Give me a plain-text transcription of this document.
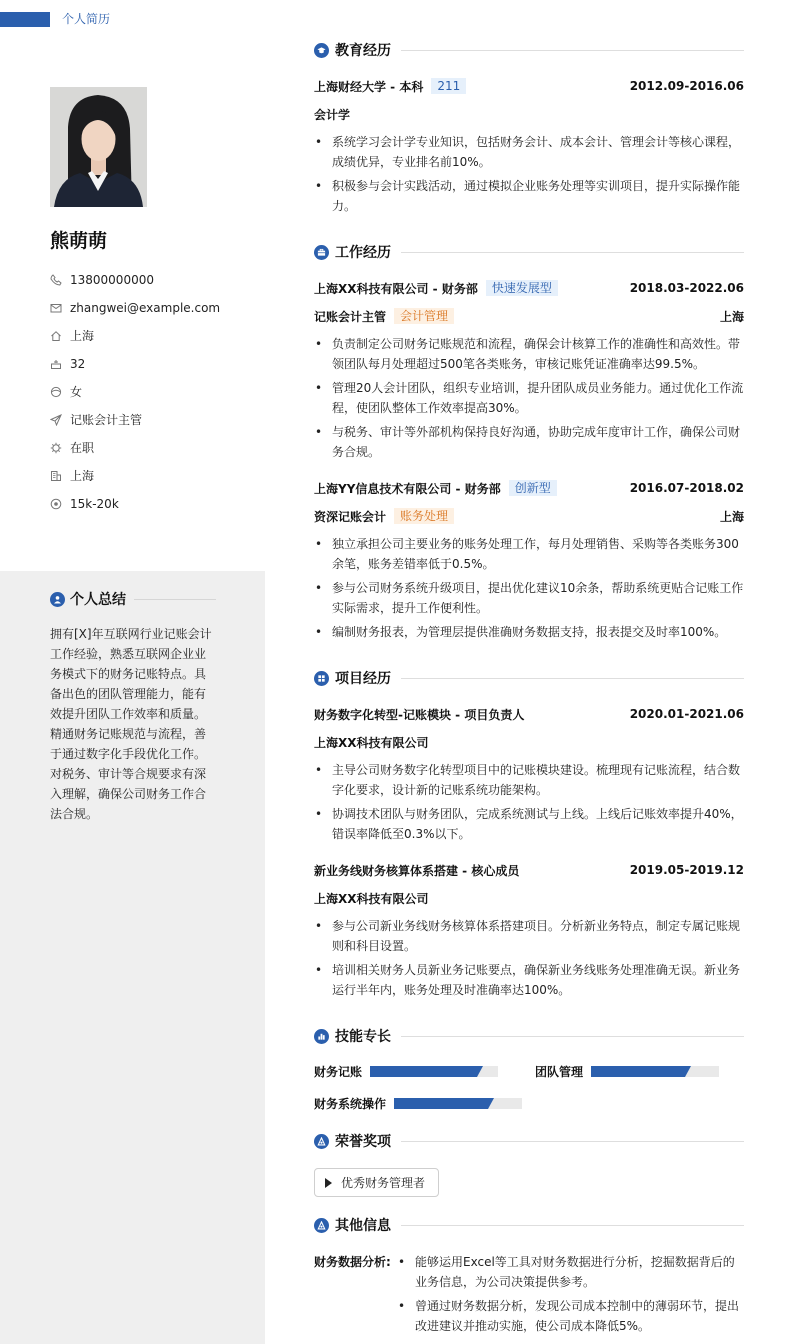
个人简历
熊萌萌
13800000000
zhangwei@example.com
上海
32
女
记账会计主管
在职
上海
15k-20k
个人总结
拥有[X]年互联网行业记账会计工作经验，熟悉互联网企业业务模式下的财务记账特点。具备出色的团队管理能力，能有效提升团队工作效率和质量。精通财务记账规范与流程，善于通过数字化手段优化工作。对税务、审计等合规要求有深入理解，确保公司财务工作合法合规。
教育经历
上海财经大学 - 本科	211	2012.09-2016.06
会计学
• 系统学习会计学专业知识，包括财务会计、成本会计、管理会计等核心课程，成绩优异，专业排名前10%。
• 积极参与会计实践活动，通过模拟企业账务处理等实训项目，提升实际操作能力。
工作经历
上海XX科技有限公司 - 财务部	快速发展型	2018.03-2022.06
记账会计主管	会计管理	上海
• 负责制定公司财务记账规范和流程，确保会计核算工作的准确性和高效性。带领团队每月处理超过500笔各类账务，审核记账凭证准确率达99.5%。
• 管理20人会计团队，组织专业培训，提升团队成员业务能力。通过优化工作流程，使团队整体工作效率提高30%。
• 与税务、审计等外部机构保持良好沟通，协助完成年度审计工作，确保公司财务合规。
上海YY信息技术有限公司 - 财务部	创新型	2016.07-2018.02
资深记账会计	账务处理	上海
• 独立承担公司主要业务的账务处理工作，每月处理销售、采购等各类账务300余笔，账务差错率低于0.5%。
• 参与公司财务系统升级项目，提出优化建议10余条，帮助系统更贴合记账工作实际需求，提升工作便利性。
• 编制财务报表，为管理层提供准确财务数据支持，报表提交及时率100%。
项目经历
财务数字化转型-记账模块 - 项目负责人	2020.01-2021.06
上海XX科技有限公司
• 主导公司财务数字化转型项目中的记账模块建设。梳理现有记账流程，结合数字化要求，设计新的记账系统功能架构。
• 协调技术团队与财务团队，完成系统测试与上线。上线后记账效率提升40%，错误率降低至0.3%以下。
新业务线财务核算体系搭建 - 核心成员	2019.05-2019.12
上海XX科技有限公司
• 参与公司新业务线财务核算体系搭建项目。分析新业务特点，制定专属记账规则和科目设置。
• 培训相关财务人员新业务记账要点，确保新业务线账务处理准确无误。新业务运行半年内，账务处理及时准确率达100%。
技能专长
财务记账	团队管理
财务系统操作
荣誉奖项
优秀财务管理者
其他信息
财务数据分析:
•	能够运用Excel等工具对财务数据进行分析，挖掘数据背后的业务信息，为公司决策提供参考。
• 曾通过财务数据分析，发现公司成本控制中的薄弱环节，提出改进建议并推动实施，使公司成本降低5%。
